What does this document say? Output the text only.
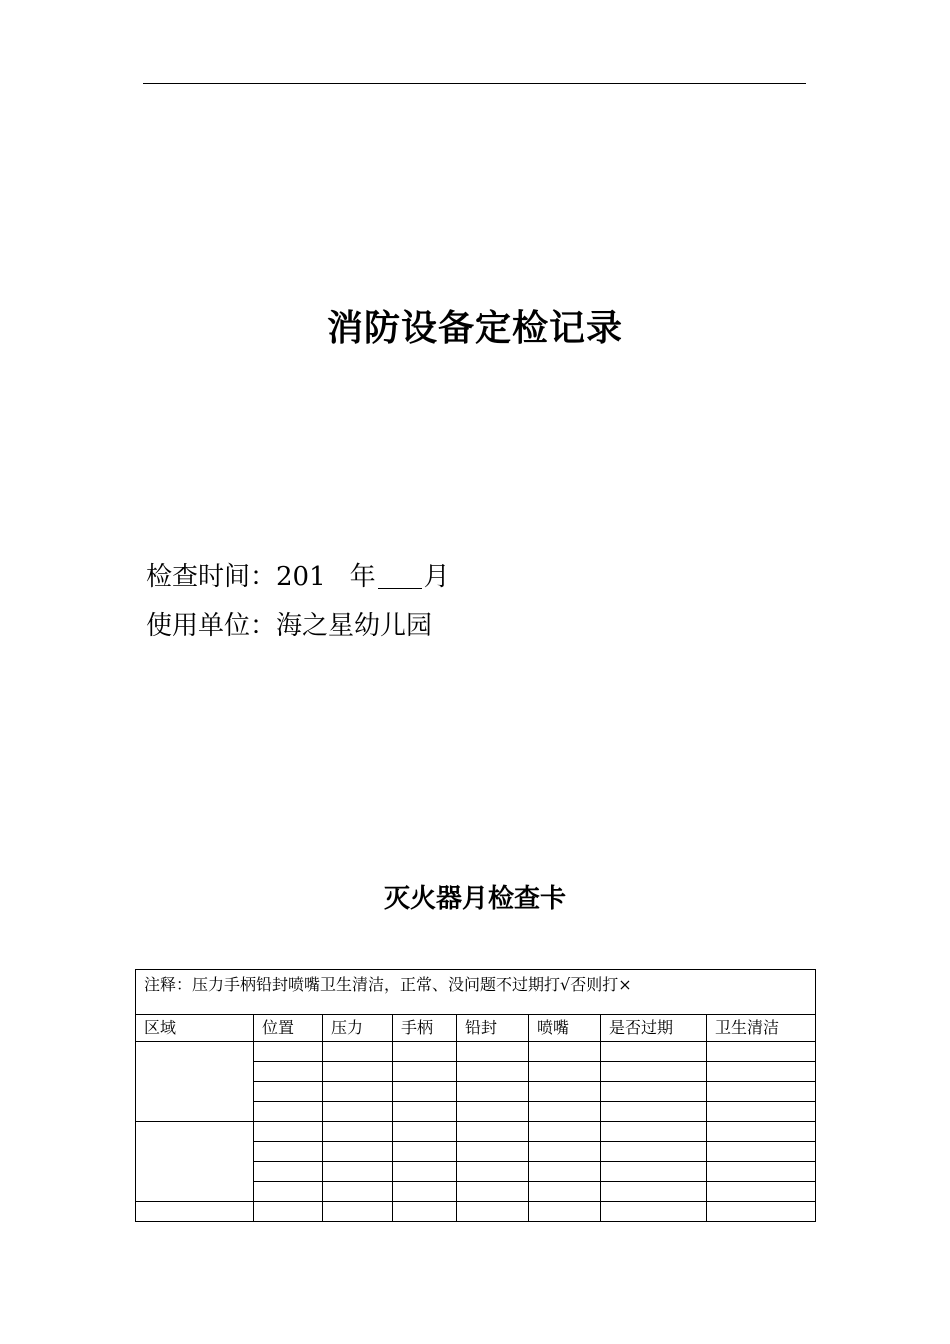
消防设备定检记录
检查时间：201 年 月
使用单位：海之星幼儿园
灭火器月检查卡
注释：压力手柄铅封喷嘴卫生清洁，正常、没问题不过期打√否则打×							
区域	位置	压力	手柄	铅封	喷嘴	是否过期	卫生清洁
